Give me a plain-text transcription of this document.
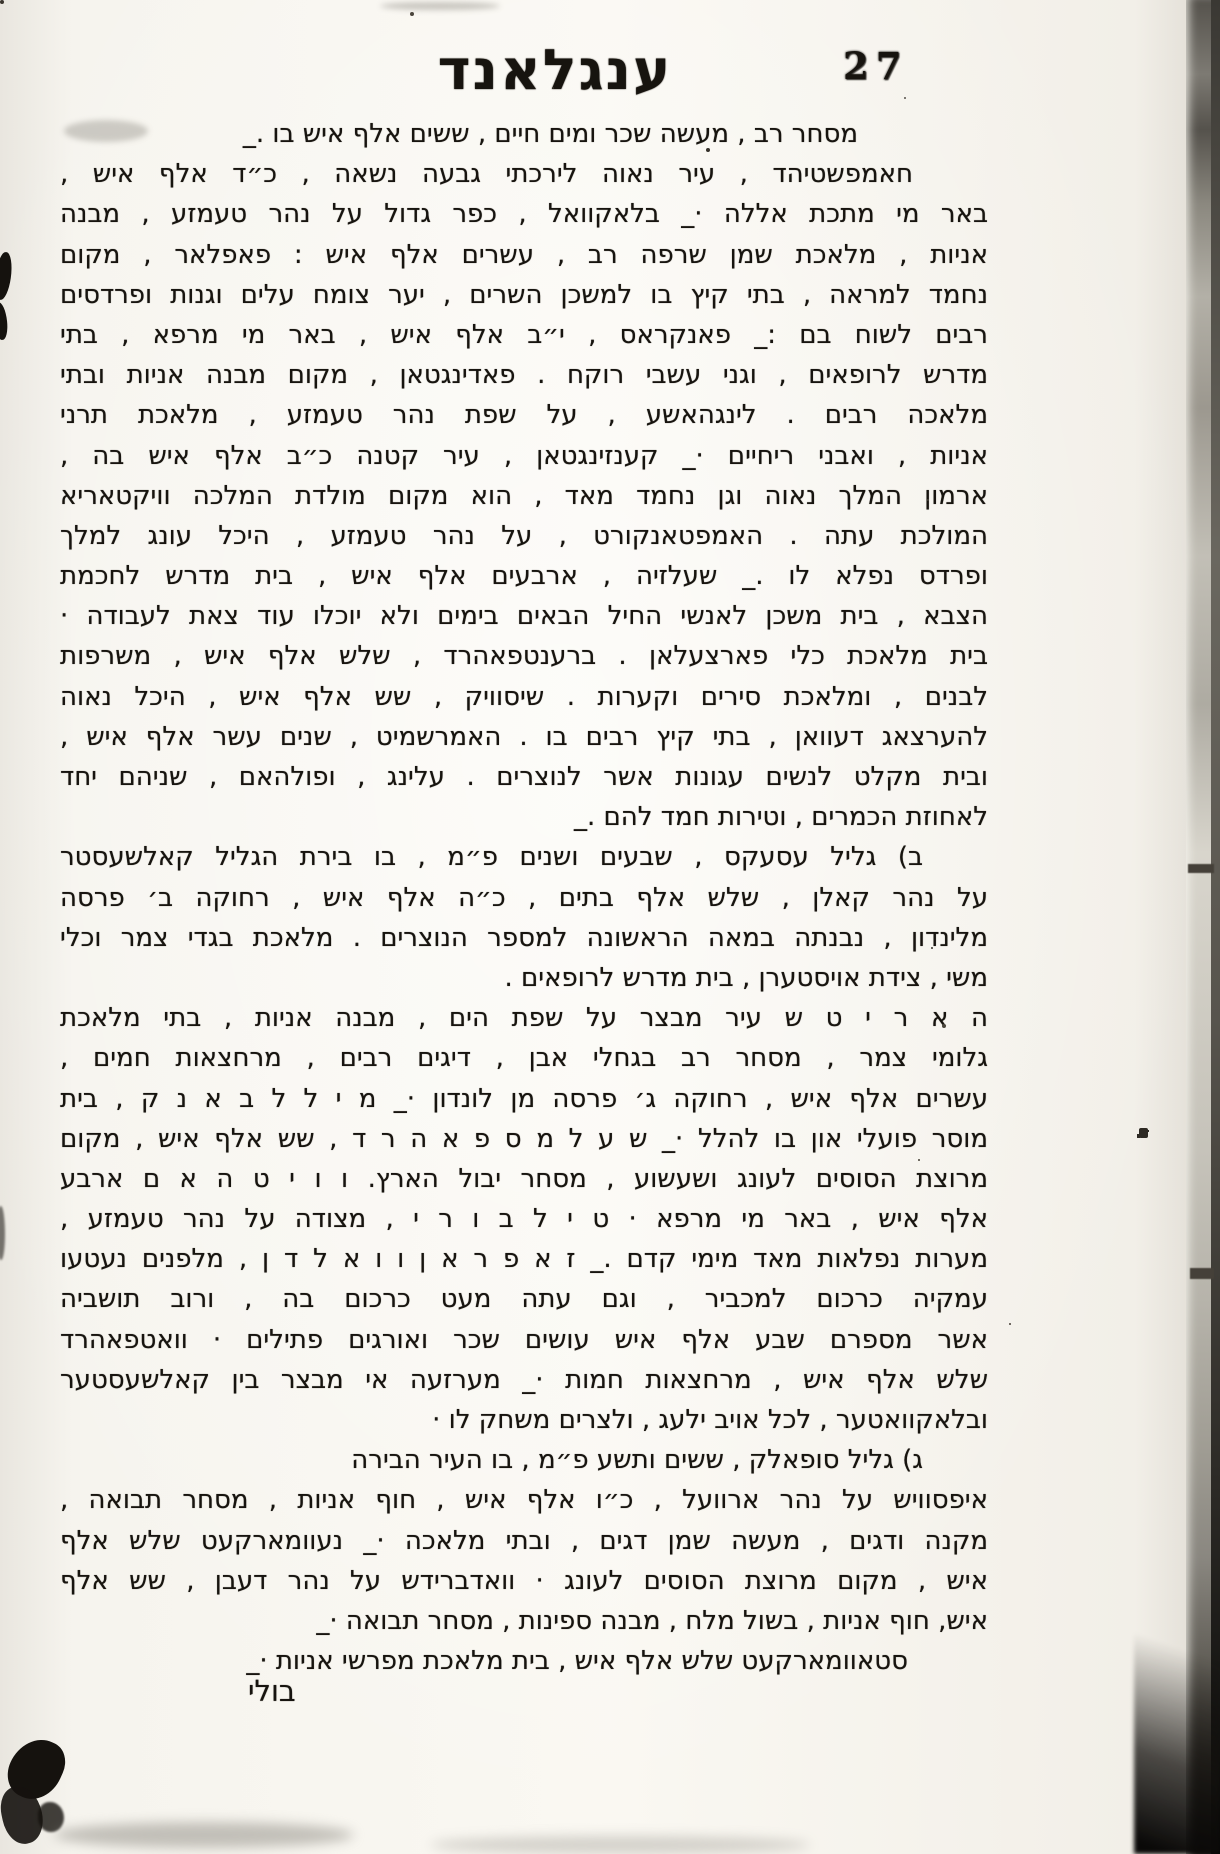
ענגלאנד	27
מסחר רב , מעשה שכר ומים חיים , ששים אלף איש בו ._
חאמפשטיהד , עיר נאוה לירכתי גבעה נשאה , כ״ד אלף איש ,
באר מי מתכת אללה ·_ בלאקוואל , כפר גדול על נהר טעמזע , מבנה
אניות , מלאכת שמן שרפה רב , עשרים אלף איש : פאפלאר , מקום
נחמד למראה , בתי קיץ בו למשכן השרים , יער צומח עלים וגנות ופרדסים
רבים לשוח בם :_ פאנקראס , י״ב אלף איש , באר מי מרפא , בתי
מדרש לרופאים , וגני עשבי רוקח . פאדינגטאן , מקום מבנה אניות ובתי
מלאכה רבים . לינגהאשע , על שפת נהר טעמזע , מלאכת תרני
אניות , ואבני ריחיים ·_ קענזינגטאן , עיר קטנה כ״ב אלף איש בה ,
ארמון המלך נאוה וגן נחמד מאד , הוא מקום מולדת המלכה וויקטאריא
המולכת עתה . האמפטאנקורט , על נהר טעמזע , היכל עונג למלך
ופרדס נפלא לו ._ שעלזיה , ארבעים אלף איש , בית מדרש לחכמת
הצבא , בית משכן לאנשי החיל הבאים בימים ולא יוכלו עוד צאת לעבודה ·
בית מלאכת כלי פארצעלאן . ברענטפאהרד , שלש אלף איש , משרפות
לבנים , ומלאכת סירים וקערות . שיסוויק , שש אלף איש , היכל נאוה
להערצאג דעוואן , בתי קיץ רבים בו . האמרשמיט , שנים עשר אלף איש ,
ובית מקלט לנשים עגונות אשר לנוצרים . עלינג , ופולהאם , שניהם יחד
לאחוזת הכמרים , וטירות חמד להם ._
ב) גליל עסעקס , שבעים ושנים פ״מ , בו בירת הגליל קאלשעסטר
על נהר קאלן , שלש אלף בתים , כ״ה אלף איש , רחוקה ב׳ פרסה
מלינדון , נבנתה במאה הראשונה למספר הנוצרים . מלאכת בגדי צמר וכלי
משי , צידת אויסטערן , בית מדרש לרופאים .
ה א ר י ט ש עיר מבצר על שפת הים , מבנה אניות , בתי מלאכת
גלומי צמר , מסחר רב בגחלי אבן , דיגים רבים , מרחצאות חמים ,
עשרים אלף איש , רחוקה ג׳ פרסה מן לונדון ·_ מ י ל ל ב א נ ק , בית
מוסר פועלי און בו להלל ·_ ש ע ל מ ס פ א ה ר ד , שש אלף איש , מקום
מרוצת הסוסים לעונג ושעשוע , מסחר יבול הארץ. ו ו י ט ה א ם ארבע
אלף איש , באר מי מרפא · ט י ל ב ו ר י , מצודה על נהר טעמזע ,
מערות נפלאות מאד מימי קדם ._ ז א פ ר א ן ו ו א ל ד ן , מלפנים נעטעו
עמקיה כרכום למכביר , וגם עתה מעט כרכום בה , ורוב תושביה
אשר מספרם שבע אלף איש עושים שכר ואורגים פתילים · וואטפאהרד
שלש אלף איש , מרחצאות חמות ·_ מערזעה אי מבצר בין קאלשעסטער
ובלאקוואטער , לכל אויב ילעג , ולצרים משחק לו ·
ג) גליל סופאלק , ששים ותשע פ״מ , בו העיר הבירה
איפסוויש על נהר ארוועל , כ״ו אלף איש , חוף אניות , מסחר תבואה ,
מקנה ודגים , מעשה שמן דגים , ובתי מלאכה ·_ נעוומארקעט שלש אלף
איש , מקום מרוצת הסוסים לעונג · וואדברידש על נהר דעבן , שש אלף
איש, חוף אניות , בשול מלח , מבנה ספינות , מסחר תבואה ·_
סטאוומארקעט שלש אלף איש , בית מלאכת מפרשי אניות ·_
בולי
